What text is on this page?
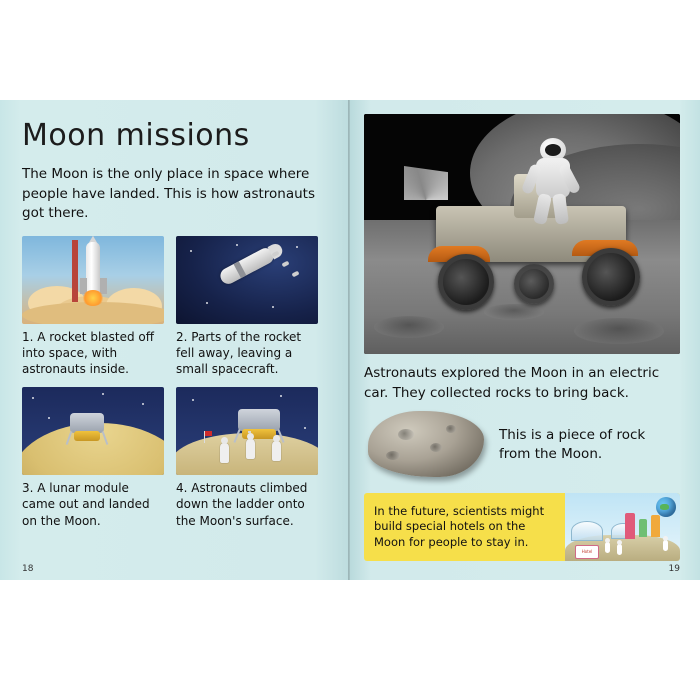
Moon missions

The Moon is the only place in space where people have landed. This is how astronauts got there.

1. A rocket blasted off into space, with astronauts inside.
2. Parts of the rocket fell away, leaving a small spacecraft.
3. A lunar module came out and landed on the Moon.
4. Astronauts climbed down the ladder onto the Moon's surface.
18

Astronauts explored the Moon in an electric car. They collected rocks to bring back.

This is a piece of rock from the Moon.
In the future, scientists might build special hotels on the Moon for people to stay in.
Hotel
19
